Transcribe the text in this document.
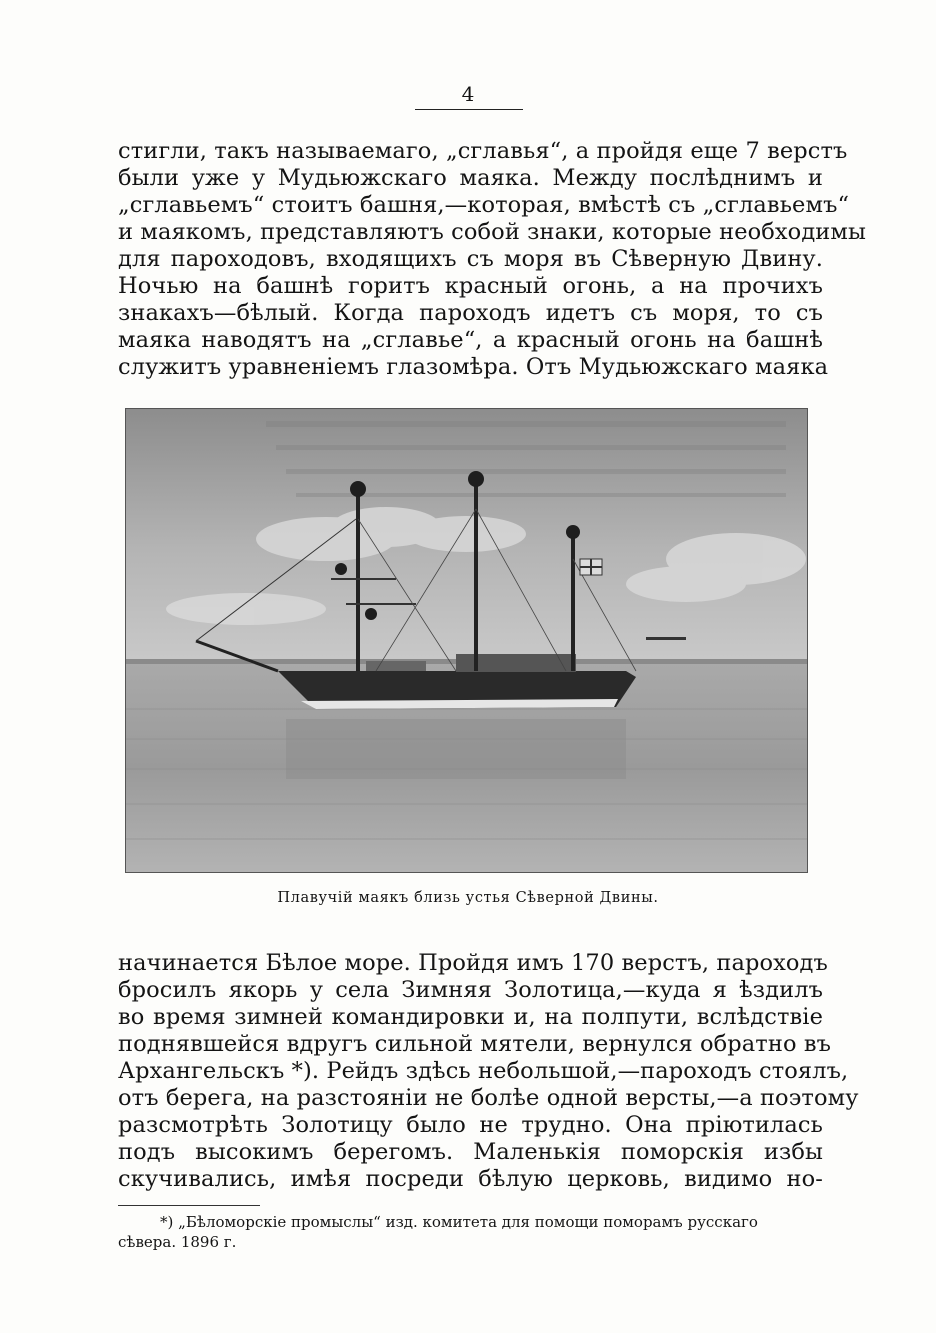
4
стигли, такъ называемаго, „сглавья“, а пройдя еще 7 верстъ
были уже у Мудьюжскаго маяка. Между послѣднимъ и
„сглавьемъ“ стоитъ башня,—которая, вмѣстѣ съ „сглавьемъ“
и маякомъ, представляютъ собой знаки, которые необходимы
для пароходовъ, входящихъ съ моря въ Сѣверную Двину.
Ночью на башнѣ горитъ красный огонь, а на прочихъ
знакахъ—бѣлый. Когда пароходъ идетъ съ моря, то съ
маяка наводятъ на „сглавье“, а красный огонь на башнѣ
служитъ уравненіемъ глазомѣра. Отъ Мудьюжскаго маяка
Плавучій маякъ близь устья Сѣверной Двины.
начинается Бѣлое море. Пройдя имъ 170 верстъ, пароходъ
бросилъ якорь у села Зимняя Золотица,—куда я ѣздилъ
во время зимней командировки и, на полпути, вслѣдствіе
поднявшейся вдругъ сильной мятели, вернулся обратно въ
Архангельскъ *). Рейдъ здѣсь небольшой,—пароходъ стоялъ,
отъ берега, на разстояніи не болѣе одной версты,—а поэтому
разсмотрѣть Золотицу было не трудно. Она пріютилась
подъ высокимъ берегомъ. Маленькія поморскія избы
скучивались, имѣя посреди бѣлую церковь, видимо но-
*) „Бѣломорскіе промыслы“ изд. комитета для помощи поморамъ русскаго
сѣвера. 1896 г.
